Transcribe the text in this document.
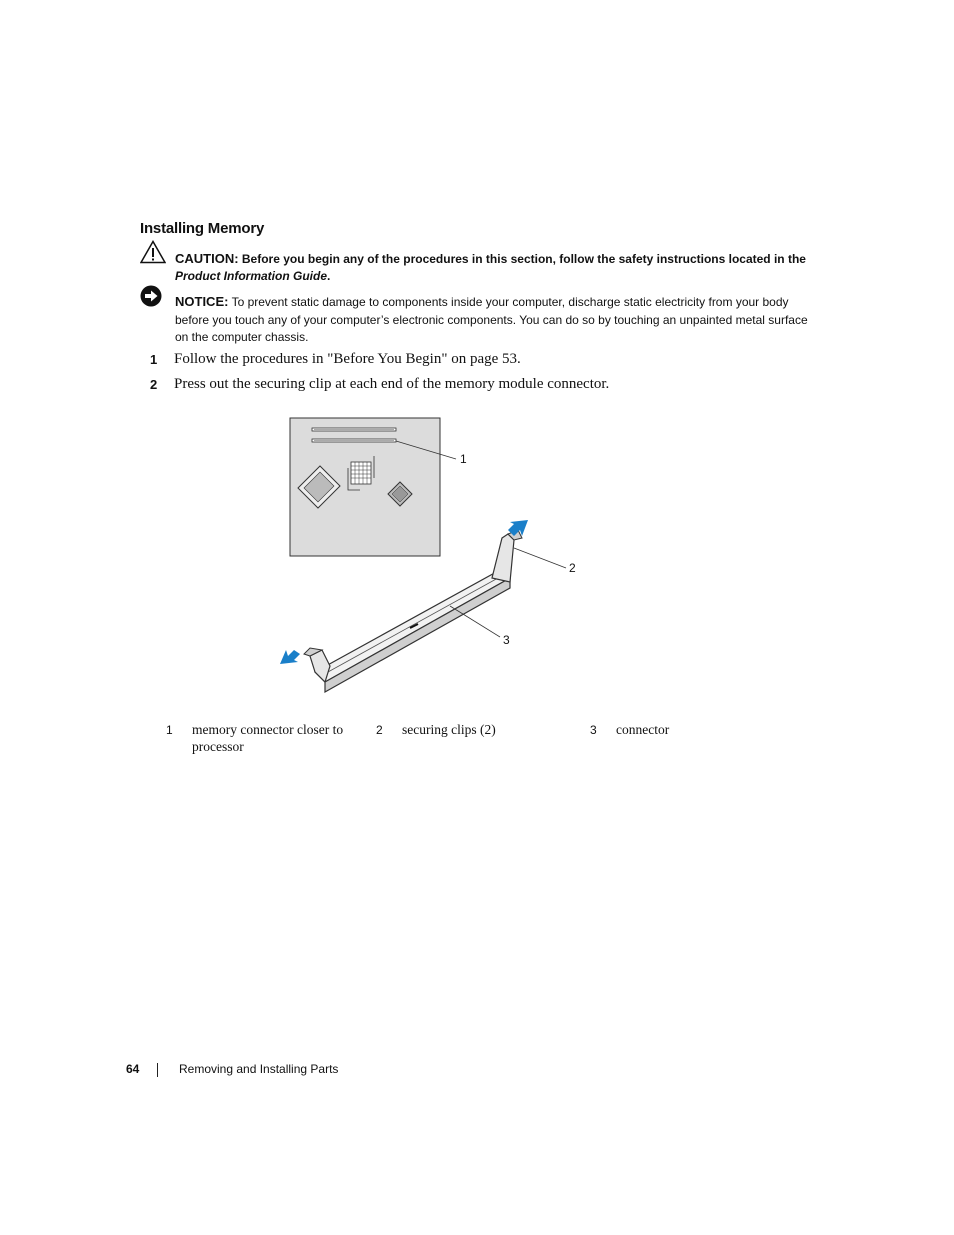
Installing Memory
CAUTION: Before you begin any of the procedures in this section, follow the safety instructions located in the Product Information Guide.
NOTICE: To prevent static damage to components inside your computer, discharge static electricity from your body before you touch any of your computer’s electronic components. You can do so by touching an unpainted metal surface on the computer chassis.
1 Follow the procedures in "Before You Begin" on page 53.
2 Press out the securing clip at each end of the memory module connector.
1
2
3
1 memory connector closer to processor
2 securing clips (2)	3 connector
64	Removing and Installing Parts
